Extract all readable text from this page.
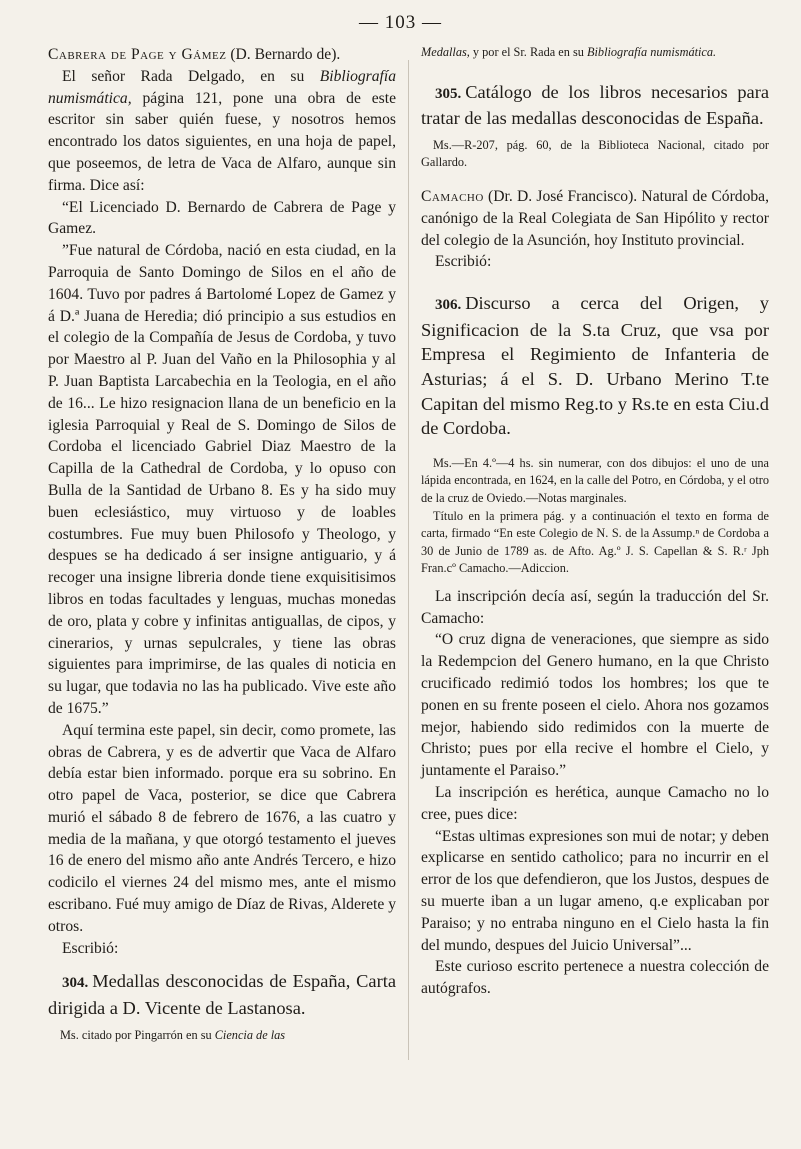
— 103 —

Cabrera de Page y Gámez (D. Bernardo de).

El señor Rada Delgado, en su Bibliografía numismática, página 121, pone una obra de este escritor sin saber quién fuese, y nosotros hemos encontrado los datos siguientes, en una hoja de papel, que poseemos, de letra de Vaca de Alfaro, aunque sin firma. Dice así:

“El Licenciado D. Bernardo de Cabrera de Page y Gamez.

”Fue natural de Córdoba, nació en esta ciudad, en la Parroquia de Santo Domingo de Silos en el año de 1604. Tuvo por padres á Bartolomé Lopez de Gamez y á D.ª Juana de Heredia; dió principio a sus estudios en el colegio de la Compañía de Jesus de Cordoba, y tuvo por Maestro al P. Juan del Vaño en la Philosophia y al P. Juan Baptista Larcabechia en la Teologia, en el año de 16... Le hizo resignacion llana de un beneficio en la iglesia Parroquial y Real de S. Domingo de Silos de Cordoba el licenciado Gabriel Diaz Maestro de la Capilla de la Cathedral de Cordoba, y lo opuso con Bulla de la Santidad de Urbano 8. Es y ha sido muy buen eclesiástico, muy virtuoso y de loables costumbres. Fue muy buen Philosofo y Theologo, y despues se ha dedicado á ser insigne antiguario, y á recoger una insigne libreria donde tiene exquisitisimos libros en todas facultades y lenguas, muchas monedas de oro, plata y cobre y infinitas antiguallas, de cipos, y cinerarios, y urnas sepulcrales, y tiene las obras siguientes para imprimirse, de las quales di noticia en su lugar, que todavia no las ha publicado. Vive este año de 1675.”

Aquí termina este papel, sin decir, como promete, las obras de Cabrera, y es de advertir que Vaca de Alfaro debía estar bien informado. porque era su sobrino. En otro papel de Vaca, posterior, se dice que Cabrera murió el sábado 8 de febrero de 1676, a las cuatro y media de la mañana, y que otorgó testamento el jueves 16 de enero del mismo año ante Andrés Tercero, e hizo codicilo el viernes 24 del mismo mes, ante el mismo escribano. Fué muy amigo de Díaz de Rivas, Alderete y otros.

Escribió:

304. Medallas desconocidas de España, Carta dirigida a D. Vicente de Lastanosa.

Ms. citado por Pingarrón en su Ciencia de las

Medallas, y por el Sr. Rada en su Bibliografía numismática.

305. Catálogo de los libros necesarios para tratar de las medallas desconocidas de España.

Ms.—R-207, pág. 60, de la Biblioteca Nacional, citado por Gallardo.

Camacho (Dr. D. José Francisco). Natural de Córdoba, canónigo de la Real Colegiata de San Hipólito y rector del colegio de la Asunción, hoy Instituto provincial.

Escribió:

306. Discurso a cerca del Origen, y Significacion de la S.ta Cruz, que vsa por Empresa el Regimiento de Infanteria de Asturias; á el S. D. Urbano Merino T.te Capitan del mismo Reg.to y Rs.te en esta Ciu.d de Cordoba.

Ms.—En 4.º—4 hs. sin numerar, con dos dibujos: el uno de una lápida encontrada, en 1624, en la calle del Potro, en Córdoba, y el otro de la cruz de Oviedo.—Notas marginales.

Título en la primera pág. y a continuación el texto en forma de carta, firmado “En este Colegio de N. S. de la Assump.ⁿ de Cordoba a 30 de Junio de 1789 as. de Afto. Ag.º J. S. Capellan & S. R.ʳ Jph Fran.cº Camacho.—Adiccion.

La inscripción decía así, según la traducción del Sr. Camacho:

“O cruz digna de veneraciones, que siempre as sido la Redempcion del Genero humano, en la que Christo crucificado redimió todos los hombres; los que te ponen en su frente poseen el cielo. Ahora nos gozamos mejor, habiendo sido redimidos con la muerte de Christo; pues por ella recive el hombre el Cielo, y juntamente el Paraiso.”

La inscripción es herética, aunque Camacho no lo cree, pues dice:

“Estas ultimas expresiones son mui de notar; y deben explicarse en sentido catholico; para no incurrir en el error de los que defendieron, que los Justos, despues de su muerte iban a un lugar ameno, q.e explicaban por Paraiso; y no entraba ninguno en el Cielo hasta la fin del mundo, despues del Juicio Universal”...

Este curioso escrito pertenece a nuestra colección de autógrafos.
